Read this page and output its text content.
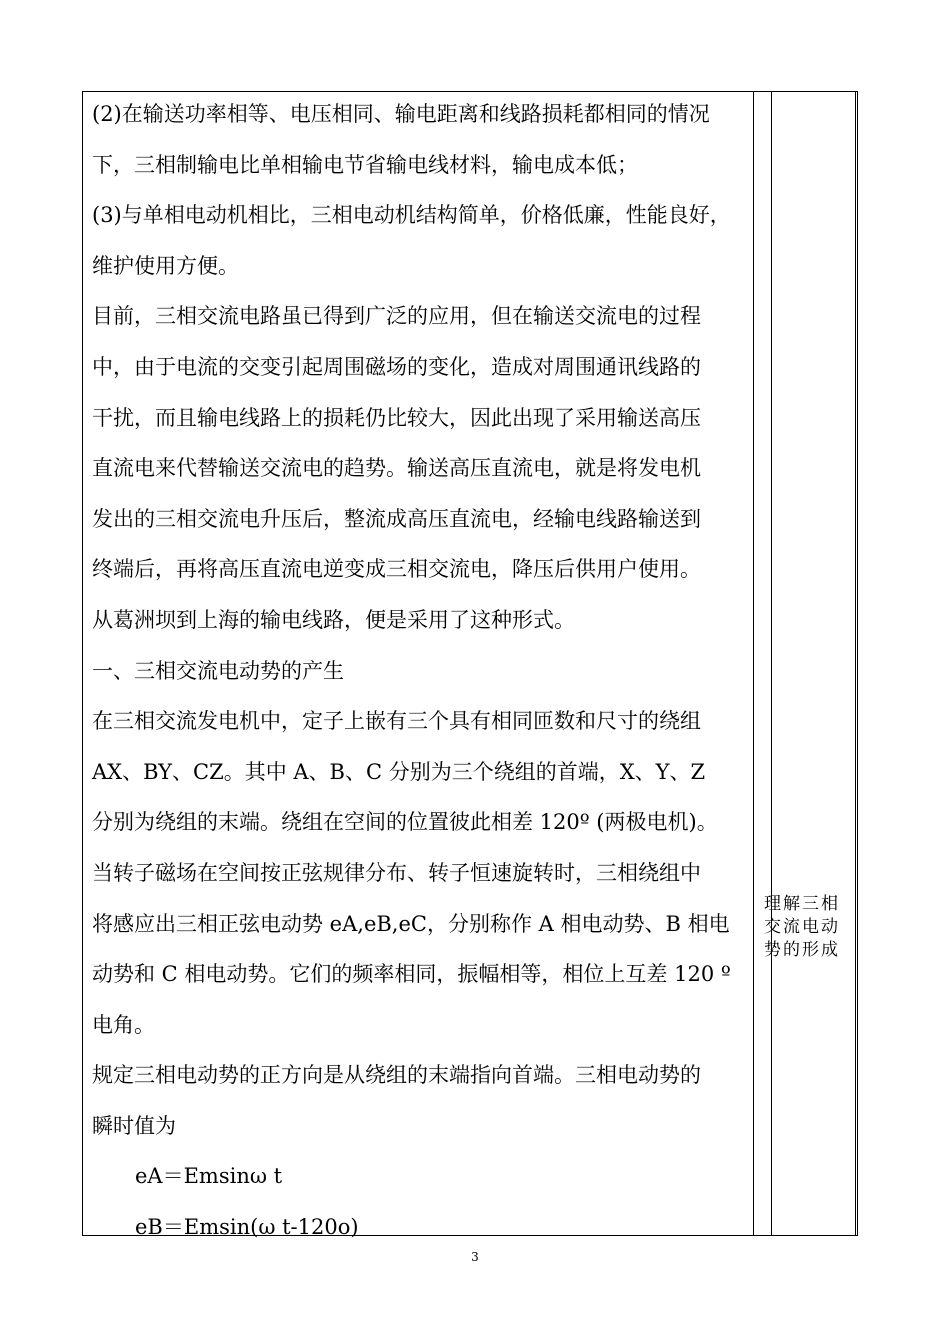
(2)在输送功率相等、电压相同、输电距离和线路损耗都相同的情况

下，三相制输电比单相输电节省输电线材料，输电成本低；

(3)与单相电动机相比，三相电动机结构简单，价格低廉，性能良好，

维护使用方便。

目前，三相交流电路虽已得到广泛的应用，但在输送交流电的过程

中，由于电流的交变引起周围磁场的变化，造成对周围通讯线路的

干扰，而且输电线路上的损耗仍比较大，因此出现了采用输送高压

直流电来代替输送交流电的趋势。输送高压直流电，就是将发电机

发出的三相交流电升压后，整流成高压直流电，经输电线路输送到

终端后，再将高压直流电逆变成三相交流电，降压后供用户使用。

从葛洲坝到上海的输电线路，便是采用了这种形式。

一、三相交流电动势的产生

在三相交流发电机中，定子上嵌有三个具有相同匝数和尺寸的绕组

AX、BY、CZ。其中 A、B、C 分别为三个绕组的首端，X、Y、Z

分别为绕组的末端。绕组在空间的位置彼此相差 120º (两极电机)。

当转子磁场在空间按正弦规律分布、转子恒速旋转时，三相绕组中

将感应出三相正弦电动势 eA,eB,eC，分别称作 A 相电动势、B 相电

动势和 C 相电动势。它们的频率相同，振幅相等，相位上互差 120 º

电角。

规定三相电动势的正方向是从绕组的末端指向首端。三相电动势的

瞬时值为

eA＝Emsinω t

eB＝Emsin(ω t-120o)

理解三相
交流电动
势的形成
3
